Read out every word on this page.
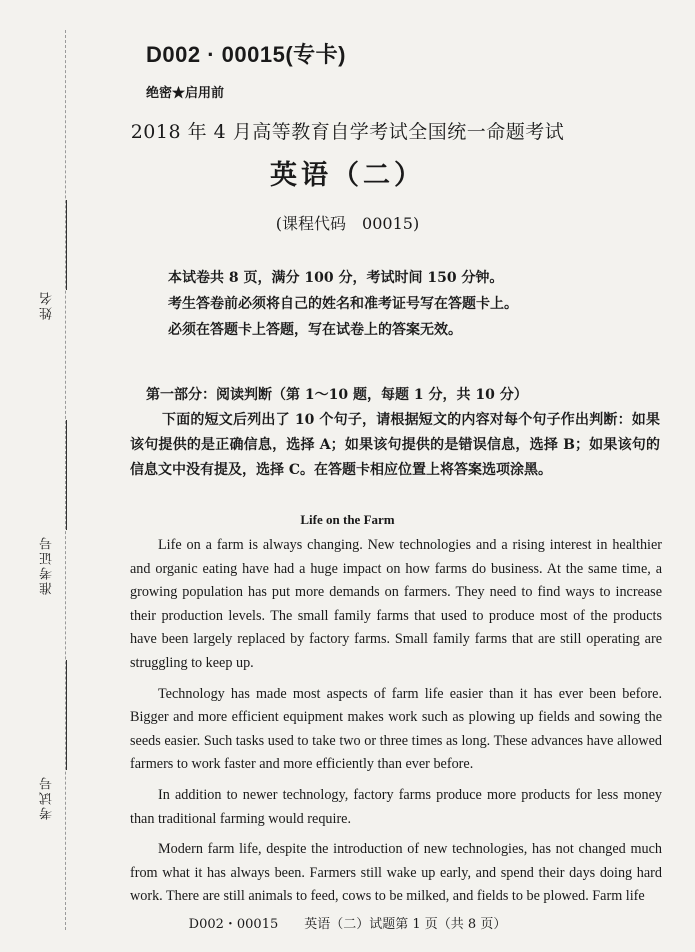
姓名
准考证号
考试号
D002 · 00015(专卡)
绝密★启用前
2018 年 4 月高等教育自学考试全国统一命题考试
英语（二）
(课程代码　00015)
本试卷共 8 页，满分 100 分，考试时间 150 分钟。
考生答卷前必须将自己的姓名和准考证号写在答题卡上。
必须在答题卡上答题，写在试卷上的答案无效。
第一部分：阅读判断（第 1～10 题，每题 1 分，共 10 分）
下面的短文后列出了 10 个句子，请根据短文的内容对每个句子作出判断：如果该句提供的是正确信息，选择 A；如果该句提供的是错误信息，选择 B；如果该句的信息文中没有提及，选择 C。在答题卡相应位置上将答案选项涂黑。
Life on the Farm

Life on a farm is always changing. New technologies and a rising interest in healthier and organic eating have had a huge impact on how farms do business. At the same time, a growing population has put more demands on farmers. They need to find ways to increase their production levels. The small family farms that used to produce most of the products have been largely replaced by factory farms. Small family farms that are still operating are struggling to keep up.

Technology has made most aspects of farm life easier than it has ever been before. Bigger and more efficient equipment makes work such as plowing up fields and sowing the seeds easier. Such tasks used to take two or three times as long. These advances have allowed farmers to work faster and more efficiently than ever before.

In addition to newer technology, factory farms produce more products for less money than traditional farming would require.

Modern farm life, despite the introduction of new technologies, has not changed much from what it has always been. Farmers still wake up early, and spend their days doing hard work. There are still animals to feed, cows to be milked, and fields to be plowed. Farm life

D002・00015　　英语（二）试题第 1 页（共 8 页）
